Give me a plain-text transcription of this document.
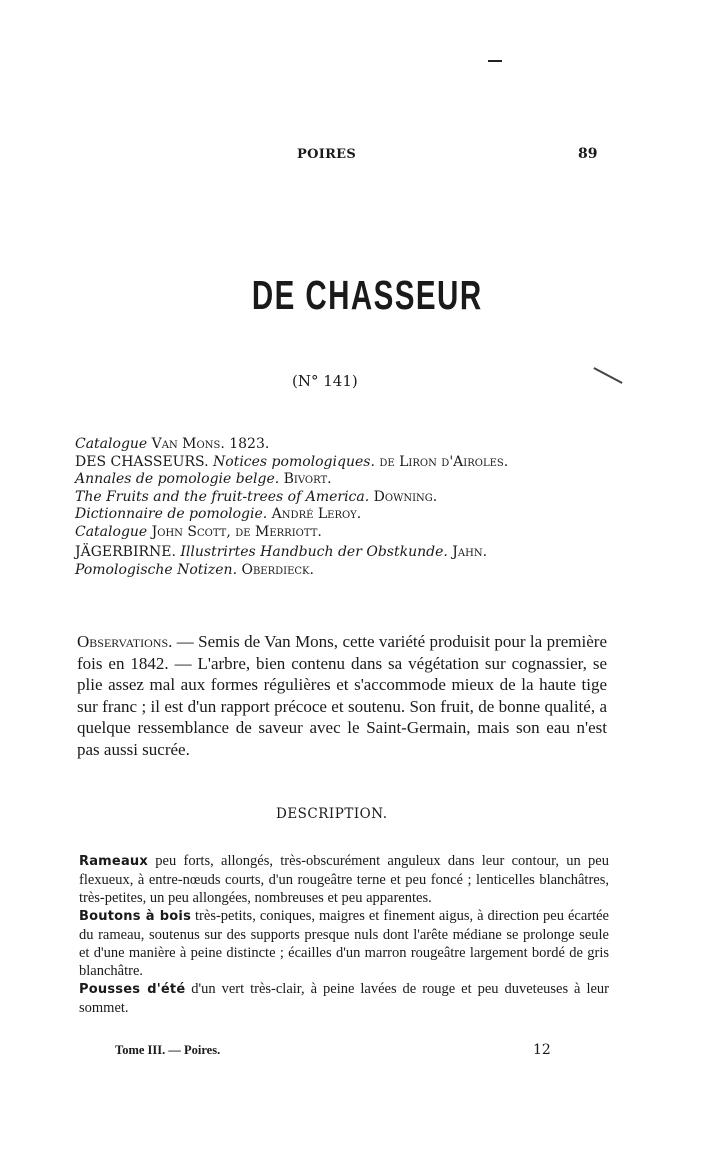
POIRES	89
DE CHASSEUR
(N° 141)
Catalogue Van Mons. 1823.
DES CHASSEURS. Notices pomologiques. de Liron d'Airoles.
Annales de pomologie belge. Bivort.
The Fruits and the fruit-trees of America. Downing.
Dictionnaire de pomologie. André Leroy.
Catalogue John Scott, de Merriott.
JÄGERBIRNE. Illustrirtes Handbuch der Obstkunde. Jahn.
Pomologische Notizen. Oberdieck.
Observations. — Semis de Van Mons, cette variété produisit pour la première fois en 1842. — L'arbre, bien contenu dans sa végétation sur cognassier, se plie assez mal aux formes régulières et s'accommode mieux de la haute tige sur franc ; il est d'un rapport précoce et soutenu. Son fruit, de bonne qualité, a quelque ressemblance de saveur avec le Saint-Germain, mais son eau n'est pas aussi sucrée.
DESCRIPTION.

Rameaux peu forts, allongés, très-obscurément anguleux dans leur contour, un peu flexueux, à entre-nœuds courts, d'un rougeâtre terne et peu foncé ; lenticelles blanchâtres, très-petites, un peu allongées, nombreuses et peu apparentes.

Boutons à bois très-petits, coniques, maigres et finement aigus, à direction peu écartée du rameau, soutenus sur des supports presque nuls dont l'arête médiane se prolonge seule et d'une manière à peine distincte ; écailles d'un marron rougeâtre largement bordé de gris blanchâtre.

Pousses d'été d'un vert très-clair, à peine lavées de rouge et peu duveteuses à leur sommet.

Tome III. — Poires.	12
